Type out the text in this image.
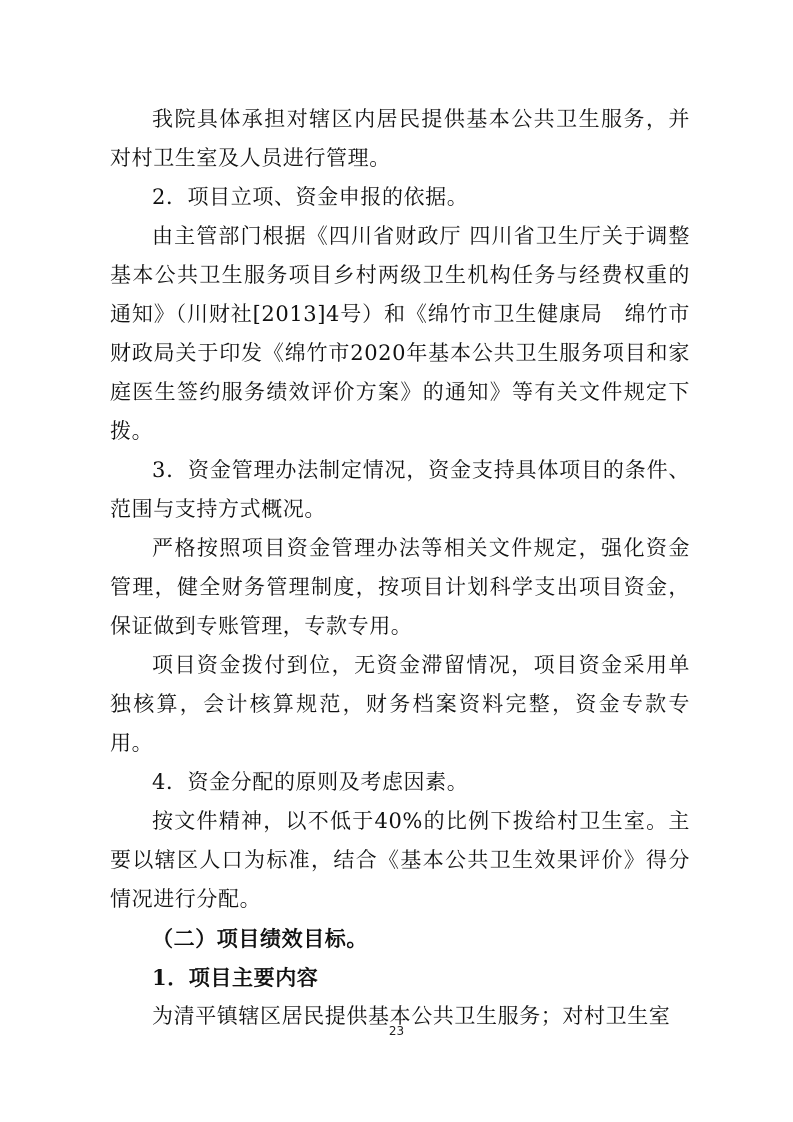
我院具体承担对辖区内居民提供基本公共卫生服务，并对村卫生室及人员进行管理。

2．项目立项、资金申报的依据。

由主管部门根据《四川省财政厅 四川省卫生厅关于调整基本公共卫生服务项目乡村两级卫生机构任务与经费权重的通知》（川财社[2013]4号）和《绵竹市卫生健康局　绵竹市财政局关于印发《绵竹市2020年基本公共卫生服务项目和家庭医生签约服务绩效评价方案》的通知》等有关文件规定下拨。

3．资金管理办法制定情况，资金支持具体项目的条件、范围与支持方式概况。

严格按照项目资金管理办法等相关文件规定，强化资金管理，健全财务管理制度，按项目计划科学支出项目资金，保证做到专账管理，专款专用。

项目资金拨付到位，无资金滞留情况，项目资金采用单独核算，会计核算规范，财务档案资料完整，资金专款专用。

4．资金分配的原则及考虑因素。

按文件精神，以不低于40%的比例下拨给村卫生室。主要以辖区人口为标准，结合《基本公共卫生效果评价》得分情况进行分配。

（二）项目绩效目标。

1．项目主要内容

为清平镇辖区居民提供基本公共卫生服务；对村卫生室

23
